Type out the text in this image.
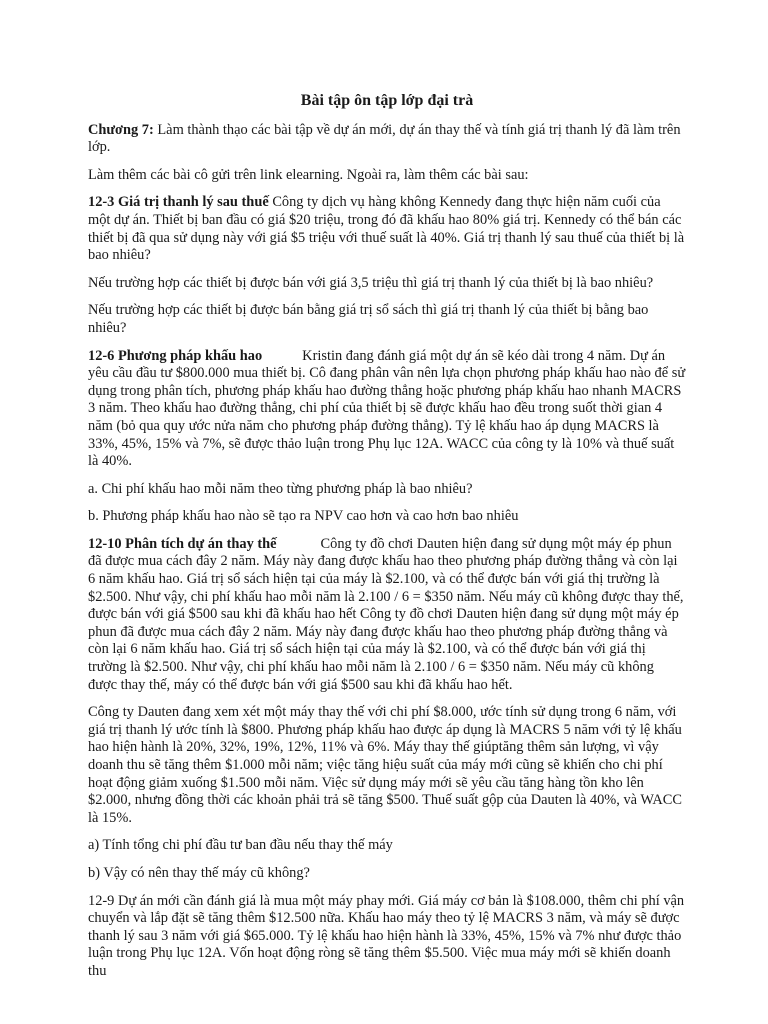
Bài tập ôn tập lớp đại trà

Chương 7: Làm thành thạo các bài tập về dự án mới, dự án thay thế và tính giá trị thanh lý đã làm trên lớp.

Làm thêm các bài cô gửi trên link elearning. Ngoài ra, làm thêm các bài sau:

12-3 Giá trị thanh lý sau thuế Công ty dịch vụ hàng không Kennedy đang thực hiện năm cuối của một dự án. Thiết bị ban đầu có giá $20 triệu, trong đó đã khấu hao 80% giá trị. Kennedy có thể bán các thiết bị đã qua sử dụng này với giá $5 triệu với thuế suất là 40%. Giá trị thanh lý sau thuế của thiết bị là bao nhiêu?

Nếu trường hợp các thiết bị được bán với giá 3,5 triệu thì giá trị thanh lý của thiết bị là bao nhiêu?

Nếu trường hợp các thiết bị được bán bằng giá trị sổ sách thì giá trị thanh lý của thiết bị bằng bao nhiêu?

12-6 Phương pháp khấu hao	Kristin đang đánh giá một dự án sẽ kéo dài trong 4 năm. Dự án yêu cầu đầu tư $800.000 mua thiết bị. Cô đang phân vân nên lựa chọn phương pháp khấu hao nào để sử dụng trong phân tích, phương pháp khấu hao đường thẳng hoặc phương pháp khấu hao nhanh MACRS 3 năm. Theo khấu hao đường thẳng, chi phí của thiết bị sẽ được khấu hao đều trong suốt thời gian 4 năm (bỏ qua quy ước nửa năm cho phương pháp đường thẳng). Tỷ lệ khấu hao áp dụng MACRS là 33%, 45%, 15% và 7%, sẽ được thảo luận trong Phụ lục 12A. WACC của công ty là 10% và thuế suất là 40%.

a. Chi phí khấu hao mỗi năm theo từng phương pháp là bao nhiêu?

b. Phương pháp khấu hao nào sẽ tạo ra NPV cao hơn và cao hơn bao nhiêu

12-10 Phân tích dự án thay thế	Công ty đồ chơi Dauten hiện đang sử dụng một máy ép phun đã được mua cách đây 2 năm. Máy này đang được khấu hao theo phương pháp đường thẳng và còn lại 6 năm khấu hao. Giá trị sổ sách hiện tại của máy là $2.100, và có thể được bán với giá thị trường là $2.500. Như vậy, chi phí khấu hao mỗi năm là 2.100 / 6 = $350 năm. Nếu máy cũ không được thay thế, được bán với giá $500 sau khi đã khấu hao hết Công ty đồ chơi Dauten hiện đang sử dụng một máy ép phun đã được mua cách đây 2 năm. Máy này đang được khấu hao theo phương pháp đường thẳng và còn lại 6 năm khấu hao. Giá trị sổ sách hiện tại của máy là $2.100, và có thể được bán với giá thị trường là $2.500. Như vậy, chi phí khấu hao mỗi năm là 2.100 / 6 = $350 năm. Nếu máy cũ không được thay thế, máy có thể được bán với giá $500 sau khi đã khấu hao hết.

Công ty Dauten đang xem xét một máy thay thế với chi phí $8.000, ước tính sử dụng trong 6 năm, với giá trị thanh lý ước tính là $800. Phương pháp khấu hao được áp dụng là MACRS 5 năm với tỷ lệ khấu hao hiện hành là 20%, 32%, 19%, 12%, 11% và 6%. Máy thay thế giúptăng thêm sản lượng, vì vậy doanh thu sẽ tăng thêm $1.000 mỗi năm; việc tăng hiệu suất của máy mới cũng sẽ khiến cho chi phí hoạt động giảm xuống $1.500 mỗi năm. Việc sử dụng máy mới sẽ yêu cầu tăng hàng tồn kho lên $2.000, nhưng đồng thời các khoản phải trả sẽ tăng $500. Thuế suất gộp của Dauten là 40%, và WACC là 15%.

a) Tính tổng chi phí đầu tư ban đầu nếu thay thế máy

b) Vậy có nên thay thế máy cũ không?

12-9 Dự án mới cần đánh giá là mua một máy phay mới. Giá máy cơ bản là $108.000, thêm chi phí vận chuyển và lắp đặt sẽ tăng thêm $12.500 nữa. Khấu hao máy theo tỷ lệ MACRS 3 năm, và máy sẽ được thanh lý sau 3 năm với giá $65.000. Tỷ lệ khấu hao hiện hành là 33%, 45%, 15% và 7% như được thảo luận trong Phụ lục 12A. Vốn hoạt động ròng sẽ tăng thêm $5.500. Việc mua máy mới sẽ khiến doanh thu
